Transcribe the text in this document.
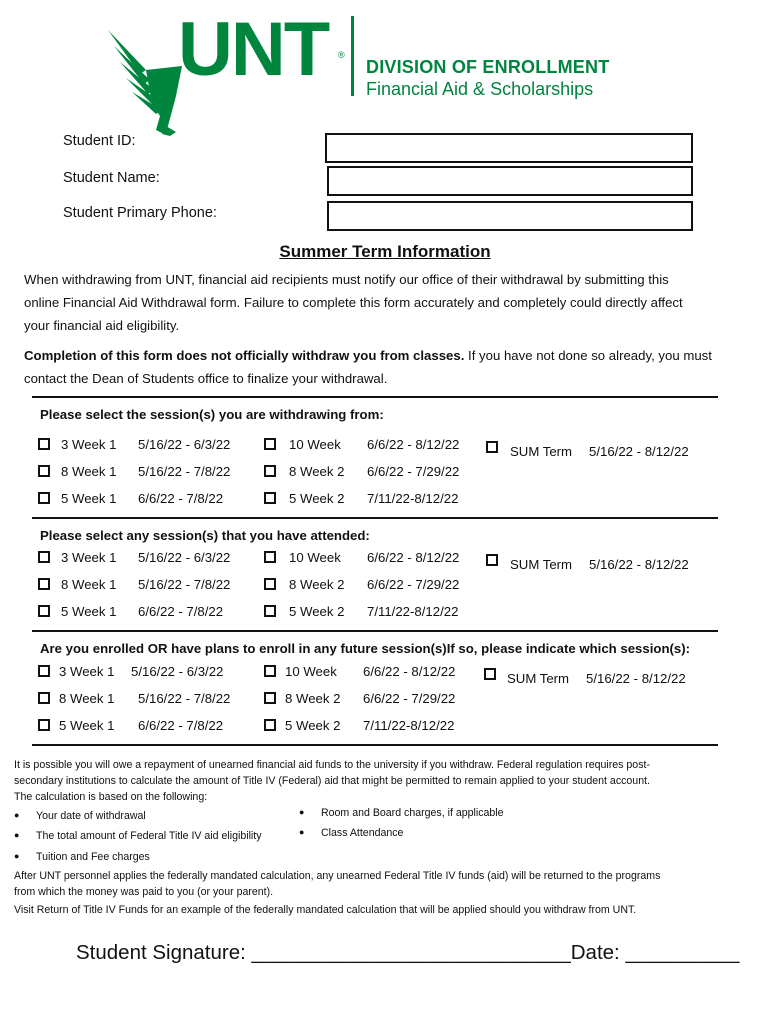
UNT ®
DIVISION OF ENROLLMENT
Financial Aid & Scholarships
Student ID:
Student Name:
Student Primary Phone:
Summer Term Information
When withdrawing from UNT, financial aid recipients must notify our office of their withdrawal by submitting this
online Financial Aid Withdrawal form. Failure to complete this form accurately and completely could directly affect
your financial aid eligibility.
Completion of this form does not officially withdraw you from classes. If you have not done so already, you must
contact the Dean of Students office to finalize your withdrawal.
Please select the session(s) you are withdrawing from:
3 Week 1 5/16/22 - 6/3/22	10 Week 6/6/22 - 8/12/22
8 Week 1 5/16/22 - 7/8/22	8 Week 2 6/6/22 - 7/29/22
5 Week 1 6/6/22 - 7/8/22	5 Week 2 7/11/22-8/12/22
SUM Term 5/16/22 - 8/12/22
Please select any session(s) that you have attended:
3 Week 1 5/16/22 - 6/3/22	10 Week 6/6/22 - 8/12/22
8 Week 1 5/16/22 - 7/8/22	8 Week 2 6/6/22 - 7/29/22
5 Week 1 6/6/22 - 7/8/22	5 Week 2 7/11/22-8/12/22
SUM Term 5/16/22 - 8/12/22
Are you enrolled OR have plans to enroll in any future session(s)If so, please indicate which session(s):
3 Week 1 5/16/22 - 6/3/22	10 Week 6/6/22 - 8/12/22
8 Week 1 5/16/22 - 7/8/22	8 Week 2 6/6/22 - 7/29/22
5 Week 1 6/6/22 - 7/8/22	5 Week 2 7/11/22-8/12/22
SUM Term 5/16/22 - 8/12/22
It is possible you will owe a repayment of unearned financial aid funds to the university if you withdraw. Federal regulation requires post-
secondary institutions to calculate the amount of Title IV (Federal) aid that might be permitted to remain applied to your student account.
The calculation is based on the following:
● Your date of withdrawal
● The total amount of Federal Title IV aid eligibility
● Tuition and Fee charges
● Room and Board charges, if applicable
● Class Attendance
After UNT personnel applies the federally mandated calculation, any unearned Federal Title IV funds (aid) will be returned to the programs
from which the money was paid to you (or your parent).
Visit Return of Title IV Funds for an example of the federally mandated calculation that will be applied should you withdraw from UNT.
Student Signature: ____________________________Date: __________
